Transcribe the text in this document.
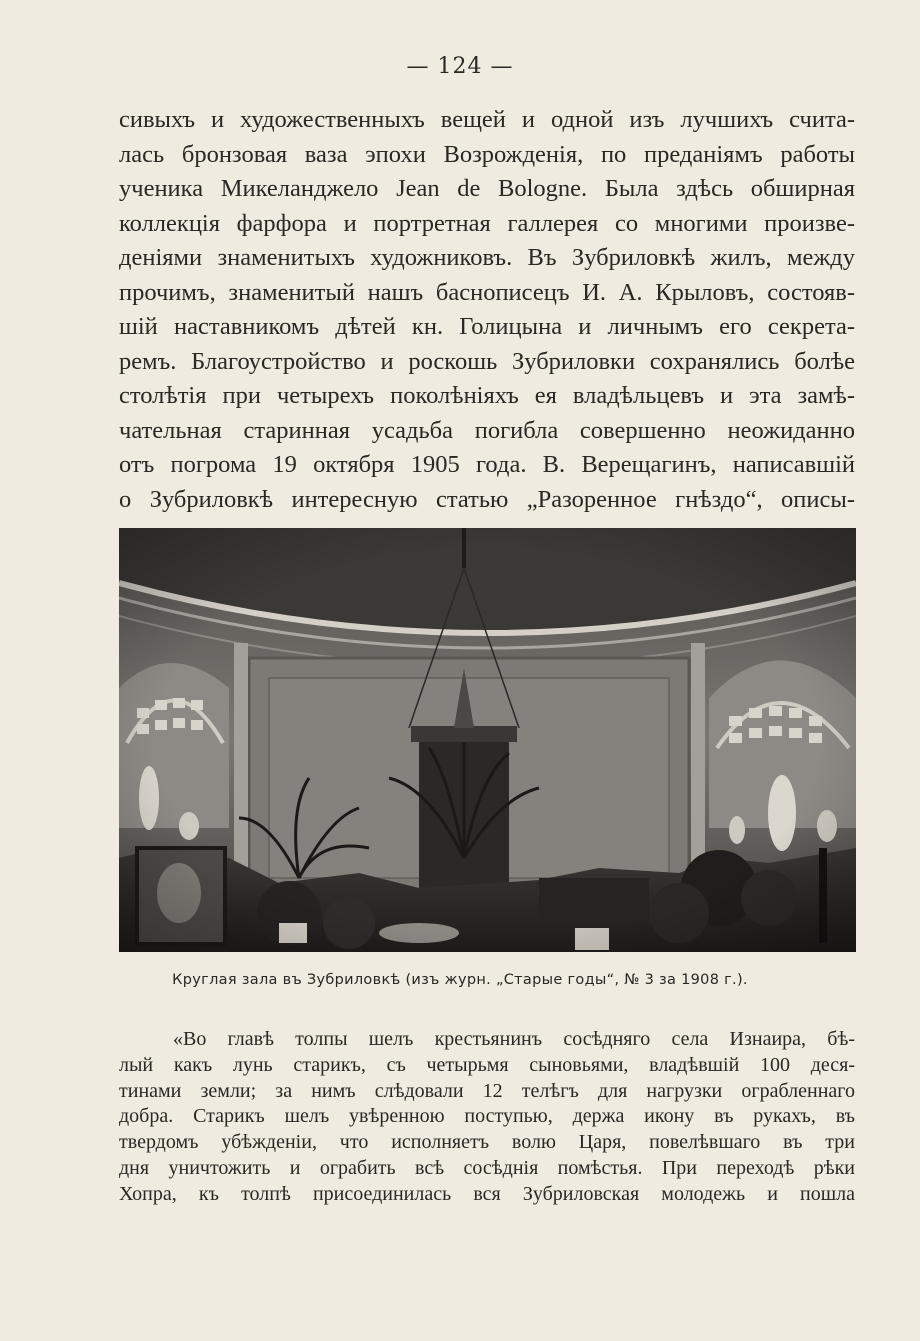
— 124 —
сивыхъ и художественныхъ вещей и одной изъ лучшихъ счита-
лась бронзовая ваза эпохи Возрожденія, по преданіямъ работы
ученика Микеланджело Jean de Bologne. Была здѣсь обширная
коллекція фарфора и портретная галлерея со многими произве-
деніями знаменитыхъ художниковъ. Въ Зубриловкѣ жилъ, между
прочимъ, знаменитый нашъ баснописецъ И. А. Крыловъ, состояв-
шій наставникомъ дѣтей кн. Голицына и личнымъ его секрета-
ремъ. Благоустройство и роскошь Зубриловки сохранялись болѣе
столѣтія при четырехъ поколѣніяхъ ея владѣльцевъ и эта замѣ-
чательная старинная усадьба погибла совершенно неожиданно
отъ погрома 19 октября 1905 года. В. Верещагинъ, написавшій
о Зубриловкѣ интересную статью „Разоренное гнѣздо“, описы-
Круглая зала въ Зубриловкѣ (изъ журн. „Старые годы“, № 3 за 1908 г.).
«Во главѣ толпы шелъ крестьянинъ сосѣдняго села Изнаира, бѣ-
лый какъ лунь старикъ, съ четырьмя сыновьями, владѣвшій 100 деся-
тинами земли; за нимъ слѣдовали 12 телѣгъ для нагрузки ограбленнаго
добра. Старикъ шелъ увѣренною поступью, держа икону въ рукахъ, въ
твердомъ убѣжденіи, что исполняетъ волю Царя, повелѣвшаго въ три
дня уничтожить и ограбить всѣ сосѣднія помѣстья. При переходѣ рѣки
Хопра, къ толпѣ присоединилась вся Зубриловская молодежь и пошла
